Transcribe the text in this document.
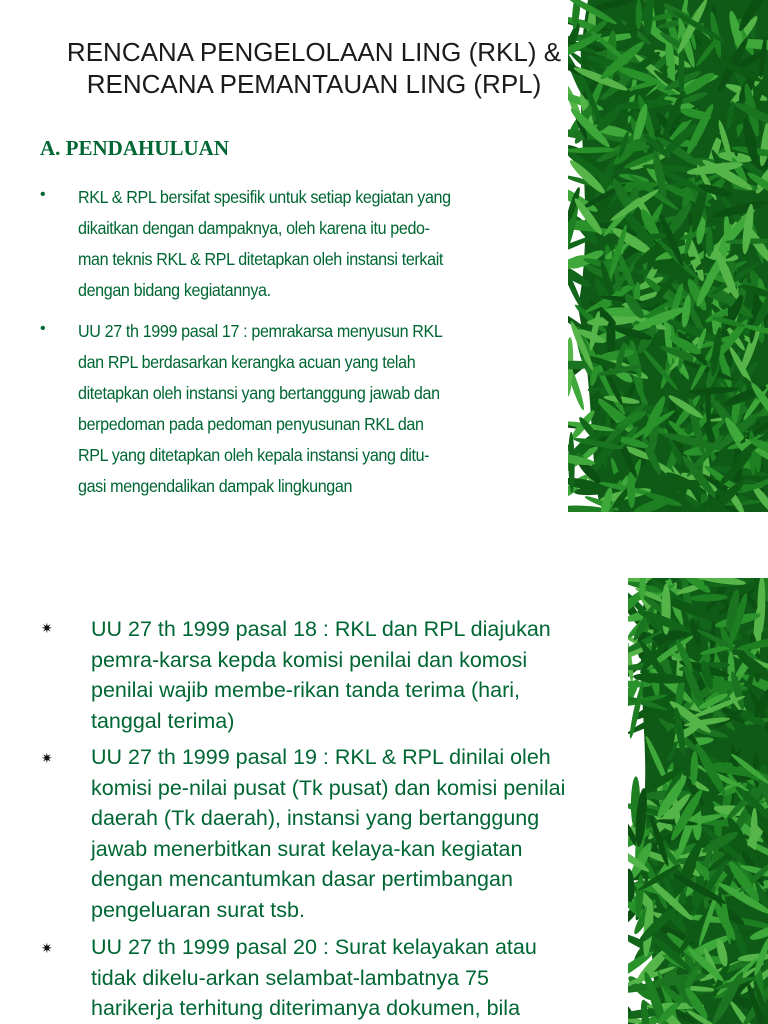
RENCANA PENGELOLAAN LING (RKL) &
RENCANA PEMANTAUAN LING (RPL)
A. PENDAHULUAN
• RKL & RPL bersifat spesifik untuk setiap kegiatan yang
dikaitkan dengan dampaknya, oleh karena itu pedo-
man teknis RKL & RPL ditetapkan oleh instansi terkait
dengan bidang kegiatannya.
• UU 27 th 1999 pasal 17 : pemrakarsa menyusun RKL
dan RPL berdasarkan kerangka acuan yang telah
ditetapkan oleh instansi yang bertanggung jawab dan
berpedoman pada pedoman penyusunan RKL dan
RPL yang ditetapkan oleh kepala instansi yang ditu-
gasi mengendalikan dampak lingkungan
✷ UU 27 th 1999 pasal 18 : RKL dan RPL diajukan
pemra-karsa kepda komisi penilai dan komosi
penilai wajib membe-rikan tanda terima (hari,
tanggal terima)
✷ UU 27 th 1999 pasal 19 : RKL & RPL dinilai oleh
komisi pe-nilai pusat (Tk pusat) dan komisi penilai
daerah (Tk daerah), instansi yang bertanggung
jawab menerbitkan surat kelaya-kan kegiatan
dengan mencantumkan dasar pertimbangan
pengeluaran surat tsb.
✷ UU 27 th 1999 pasal 20 : Surat kelayakan atau
tidak dikelu-arkan selambat-lambatnya 75
harikerja terhitung diterimanya dokumen, bila
